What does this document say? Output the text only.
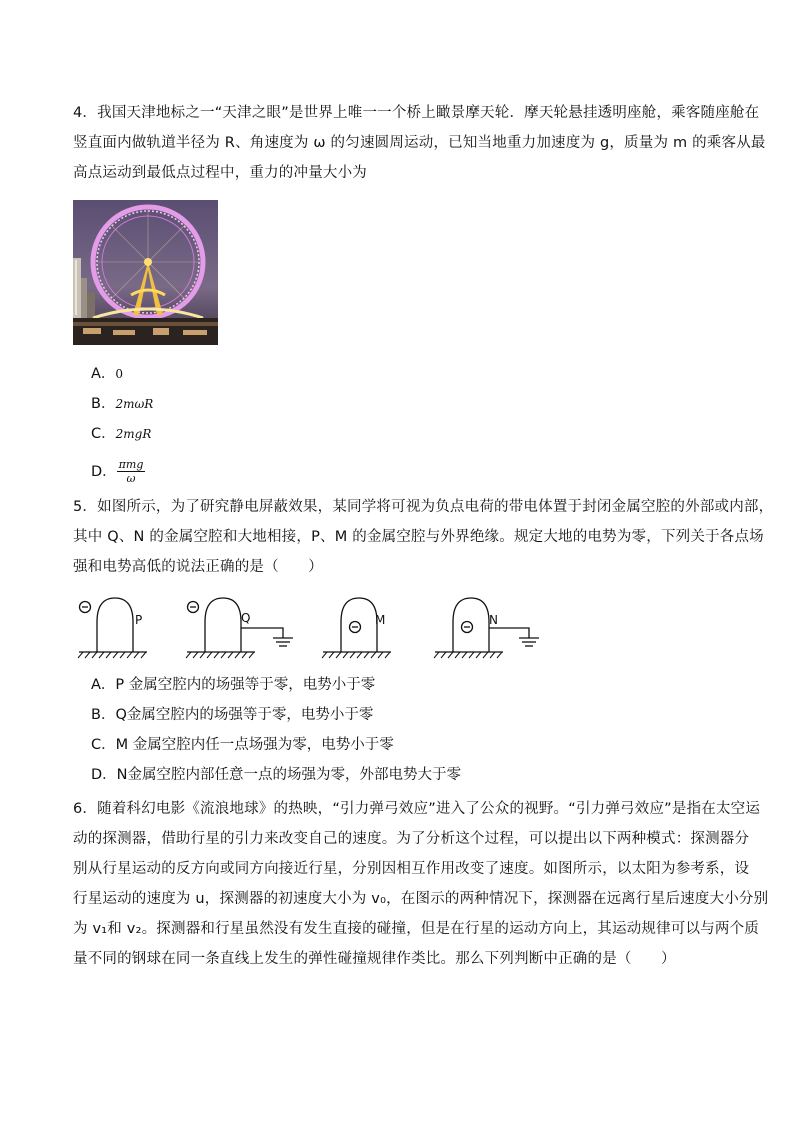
4．我国天津地标之一“天津之眼”是世界上唯一一个桥上瞰景摩天轮．摩天轮悬挂透明座舱，乘客随座舱在
竖直面内做轨道半径为 R、角速度为 ω 的匀速圆周运动，已知当地重力加速度为 g，质量为 m 的乘客从最
高点运动到最低点过程中，重力的冲量大小为
A．0
B．2mωR
C．2mgR
D． $\frac{\text{πmg}}{\omega}$
5．如图所示，为了研究静电屏蔽效果，某同学将可视为负点电荷的带电体置于封闭金属空腔的外部或内部，
其中 Q、N 的金属空腔和大地相接，P、M 的金属空腔与外界绝缘。规定大地的电势为零，下列关于各点场
强和电势高低的说法正确的是（　　）
P	Q	M	N
A．P 金属空腔内的场强等于零，电势小于零
B．Q金属空腔内的场强等于零，电势小于零
C．M 金属空腔内任一点场强为零，电势小于零
D．N金属空腔内部任意一点的场强为零，外部电势大于零
6．随着科幻电影《流浪地球》的热映，“引力弹弓效应”进入了公众的视野。“引力弹弓效应”是指在太空运
动的探测器，借助行星的引力来改变自己的速度。为了分析这个过程，可以提出以下两种模式：探测器分
别从行星运动的反方向或同方向接近行星，分别因相互作用改变了速度。如图所示，以太阳为参考系，设
行星运动的速度为 u，探测器的初速度大小为 v₀，在图示的两种情况下，探测器在远离行星后速度大小分别
为 v₁和 v₂。探测器和行星虽然没有发生直接的碰撞，但是在行星的运动方向上，其运动规律可以与两个质
量不同的钢球在同一条直线上发生的弹性碰撞规律作类比。那么下列判断中正确的是（　　）
